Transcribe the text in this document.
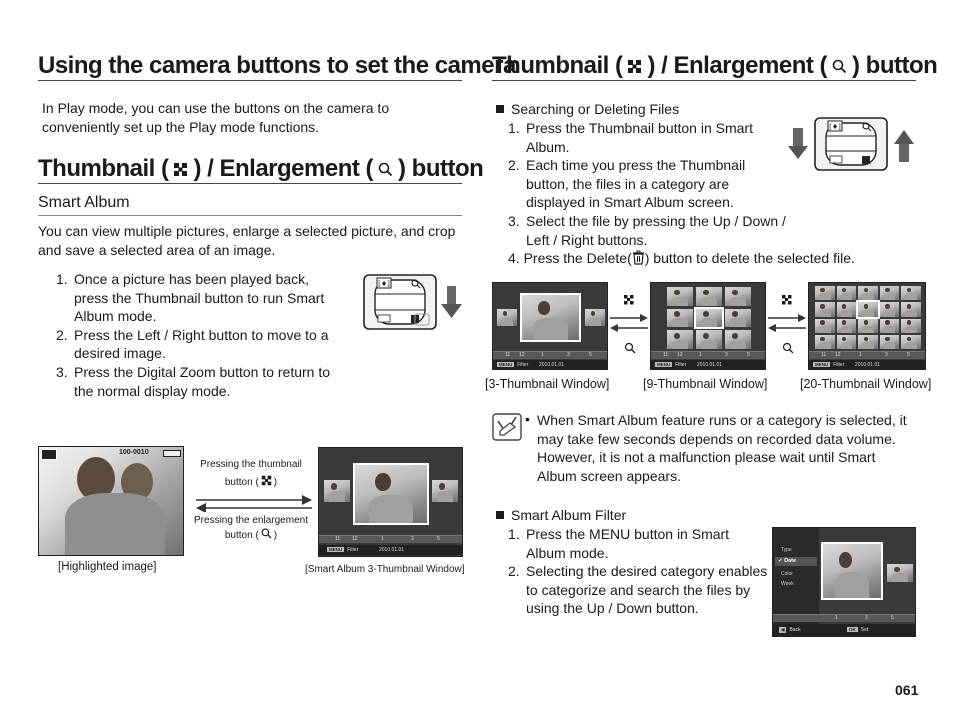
Using the camera buttons to set the camera
In Play mode, you can use the buttons on the camera to conveniently set up the Play mode functions.
Thumbnail ( ) / Enlargement ( ) button
Smart Album
You can view multiple pictures, enlarge a selected picture, and crop and save a selected area of an image.
1. Once a picture has been played back, press the Thumbnail button to run Smart Album mode.
2. Press the Left / Right button to move to a desired image.
3. Press the Digital Zoom button to return to the normal display mode.
[♦]
100-0010
[Highlighted image]
Pressing the thumbnail
button ( )
Pressing the enlargement
button ( )	11 12	1	3	5
MENU Filter	2010.01.01
[Smart Album 3-Thumbnail Window]
Thumbnail ( ) / Enlargement ( ) button
Searching or Deleting Files
1. Press the Thumbnail button in Smart Album.
2. Each time you press the Thumbnail button, the files in a category are displayed in Smart Album screen.
3. Select the file by pressing the Up / Down / Left / Right buttons.
4. Press the Delete( ) button to delete the selected file.
[♦]
11 12	1	3	5
MENU Filter 2010.01.01
11 12	1	3	5
MENU Filter 2010.01.01
11 12	1	3	5
MENU Filter 2010.01.01
[3-Thumbnail Window]	[9-Thumbnail Window]	[20-Thumbnail Window]
• When Smart Album feature runs or a category is selected, it may take few seconds depends on recorded data volume. However, it is not a malfunction please wait until Smart Album screen appears.
Smart Album Filter
1. Press the MENU button in Smart Album mode.
2. Selecting the desired category enables to categorize and search the files by using the Up / Down button.
Type
✓ Date
Color
Week
1	3	5
◀ Back	OK Set
061
